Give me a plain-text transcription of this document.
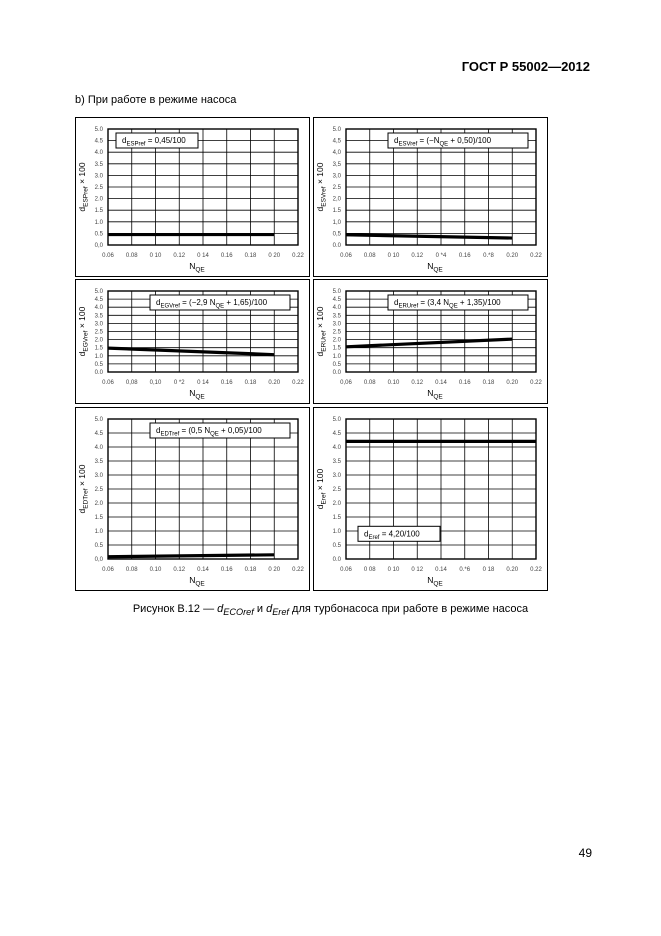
ГОСТ Р 55002—2012
b) При работе в режиме насоса
0,0
0.5
1.0
1.5
2.0
2.5
3.0
3.5
4.0
4.5
5.0
0.06 0.08 0 10 0.12 0 14 0.16 0.18 0 20 0.22
$N_{QE}$
$d_{ESPref} \times 100$
$d_{ESPref} = 0,45/100$
0.0
0,5
1,0
1.5
2,0
2.5
3,0
3,5
4,0
4,5
5.0
0.06 0.08 0 10 0.12 0 *4 0.16 0.*8 0.20 0.22
$N_{QE}$
$d_{ESVref} \times 100$
$d_{ESVref} = (-N_{QE} + 0,50)/100$
0.0
0.5
1.0
1.5
2.0
2.5
3.0
3.5
4.0
4.5
5.0
0.06 0,08 0,10 0 *2 0 14 0.16 0.18 0.20 0.22
$N_{QE}$
$d_{EGVref} \times 100$
$d_{EGVref} = (-2,9$ $N_{QE} + 1,65)/100$
0.0
0.5
1.0
1.5
2.0
2.5
3.0
3.5
4.0
4.5
5.0
0,06 0.08 0.10 0.12 0.14 0.16 0.18 0.20 0.22
$N_{QE}$
$d_{ERUref} \times 100$
$d_{ERUref} = (3,4$ $N_{QE} + 1,35)/100$
0,0
0.5
1.0
1.5
2.0
2.5
3.0
3.5
4.0
4.5
5.0
0.06 0.08 0.10 0.12 0.14 0.16 0.18 0 20 0.22
$N_{QE}$
$d_{EDTref} \times 100$
$d_{EDTref} = (0,5$ $N_{QE} + 0,05)/100$
0.0
0.5
1.0
1.5
2.0
2.5
3.0
3.5
4.0
4.5
5.0
0.06 0 08 0 10 0 12 0.14 0.*6 0 18 0.20 0.22
$N_{QE}$
$d_{Eref} \times 100$
$d_{Eref} = 4,20/100$
Рисунок В.12 — $d_{ECOref}$ и $d_{Eref}$ для турбонасоса при работе в режиме насоса
49
